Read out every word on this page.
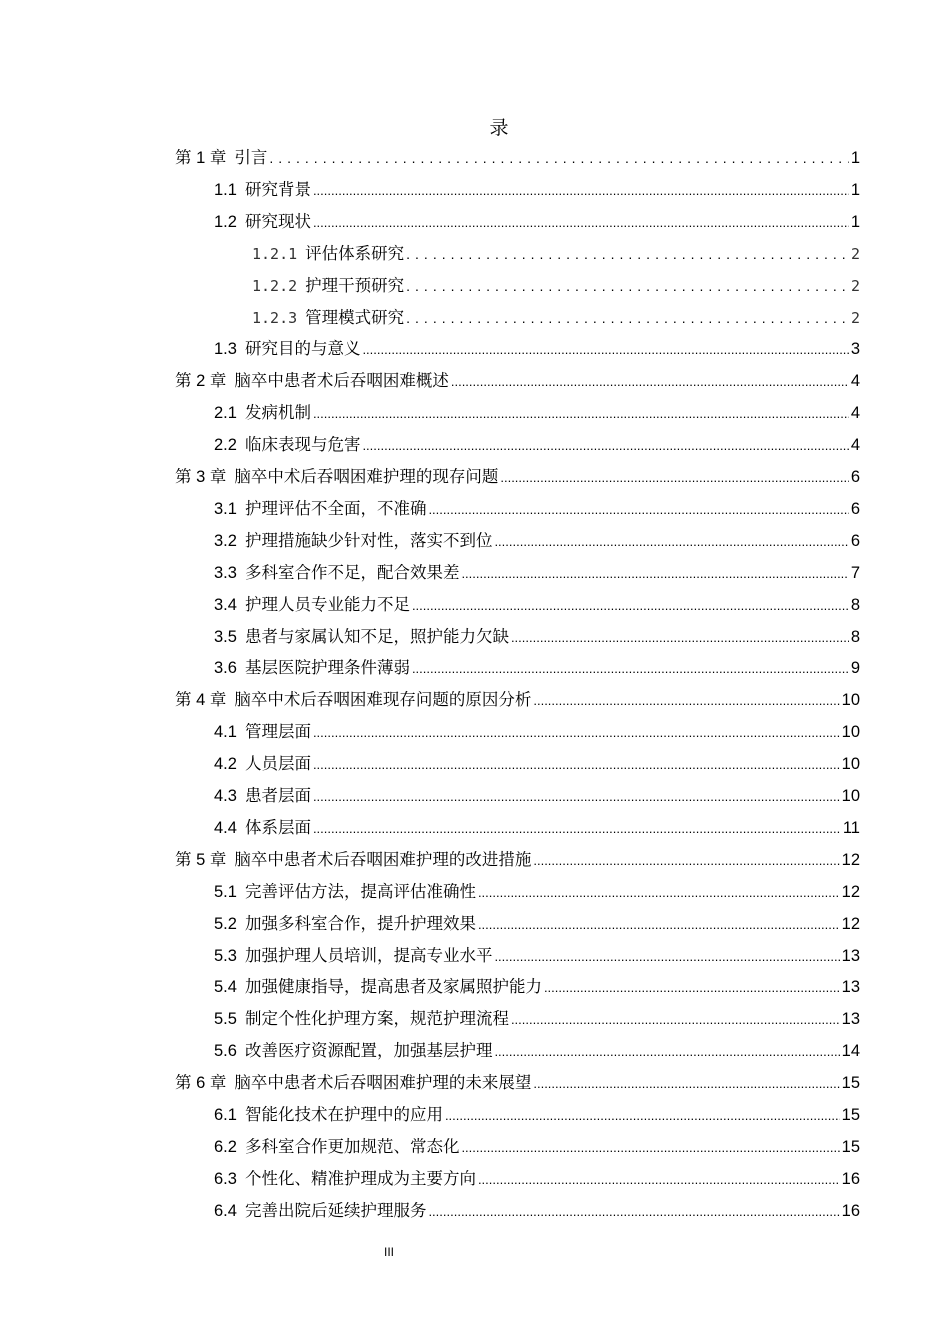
录
第 1 章 引言 .....	1
1.1 研究背景 .....	1
1.2 研究现状 .....	1
1.2.1 评估体系研究 .....	2
1.2.2 护理干预研究 .....	2
1.2.3 管理模式研究 .....	2
1.3 研究目的与意义 .....	3
第 2 章 脑卒中患者术后吞咽困难概述 .....	4
2.1 发病机制 .....	4
2.2 临床表现与危害 .....	4
第 3 章 脑卒中术后吞咽困难护理的现存问题 .....	6
3.1 护理评估不全面，不准确 .....	6
3.2 护理措施缺少针对性，落实不到位 .....	6
3.3 多科室合作不足，配合效果差 .....	7
3.4 护理人员专业能力不足 .....	8
3.5 患者与家属认知不足，照护能力欠缺 .....	8
3.6 基层医院护理条件薄弱 .....	9
第 4 章 脑卒中术后吞咽困难现存问题的原因分析 .....	10
4.1 管理层面 .....	10
4.2 人员层面 .....	10
4.3 患者层面 .....	10
4.4 体系层面 .....	11
第 5 章 脑卒中患者术后吞咽困难护理的改进措施 .....	12
5.1 完善评估方法，提高评估准确性 .....	12
5.2 加强多科室合作，提升护理效果 .....	12
5.3 加强护理人员培训，提高专业水平 .....	13
5.4 加强健康指导，提高患者及家属照护能力 .....	13
5.5 制定个性化护理方案，规范护理流程 .....	13
5.6 改善医疗资源配置，加强基层护理 .....	14
第 6 章 脑卒中患者术后吞咽困难护理的未来展望 .....	15
6.1 智能化技术在护理中的应用 .....	15
6.2 多科室合作更加规范、常态化 .....	15
6.3 个性化、精准护理成为主要方向 .....	16
6.4 完善出院后延续护理服务 .....	16
III
